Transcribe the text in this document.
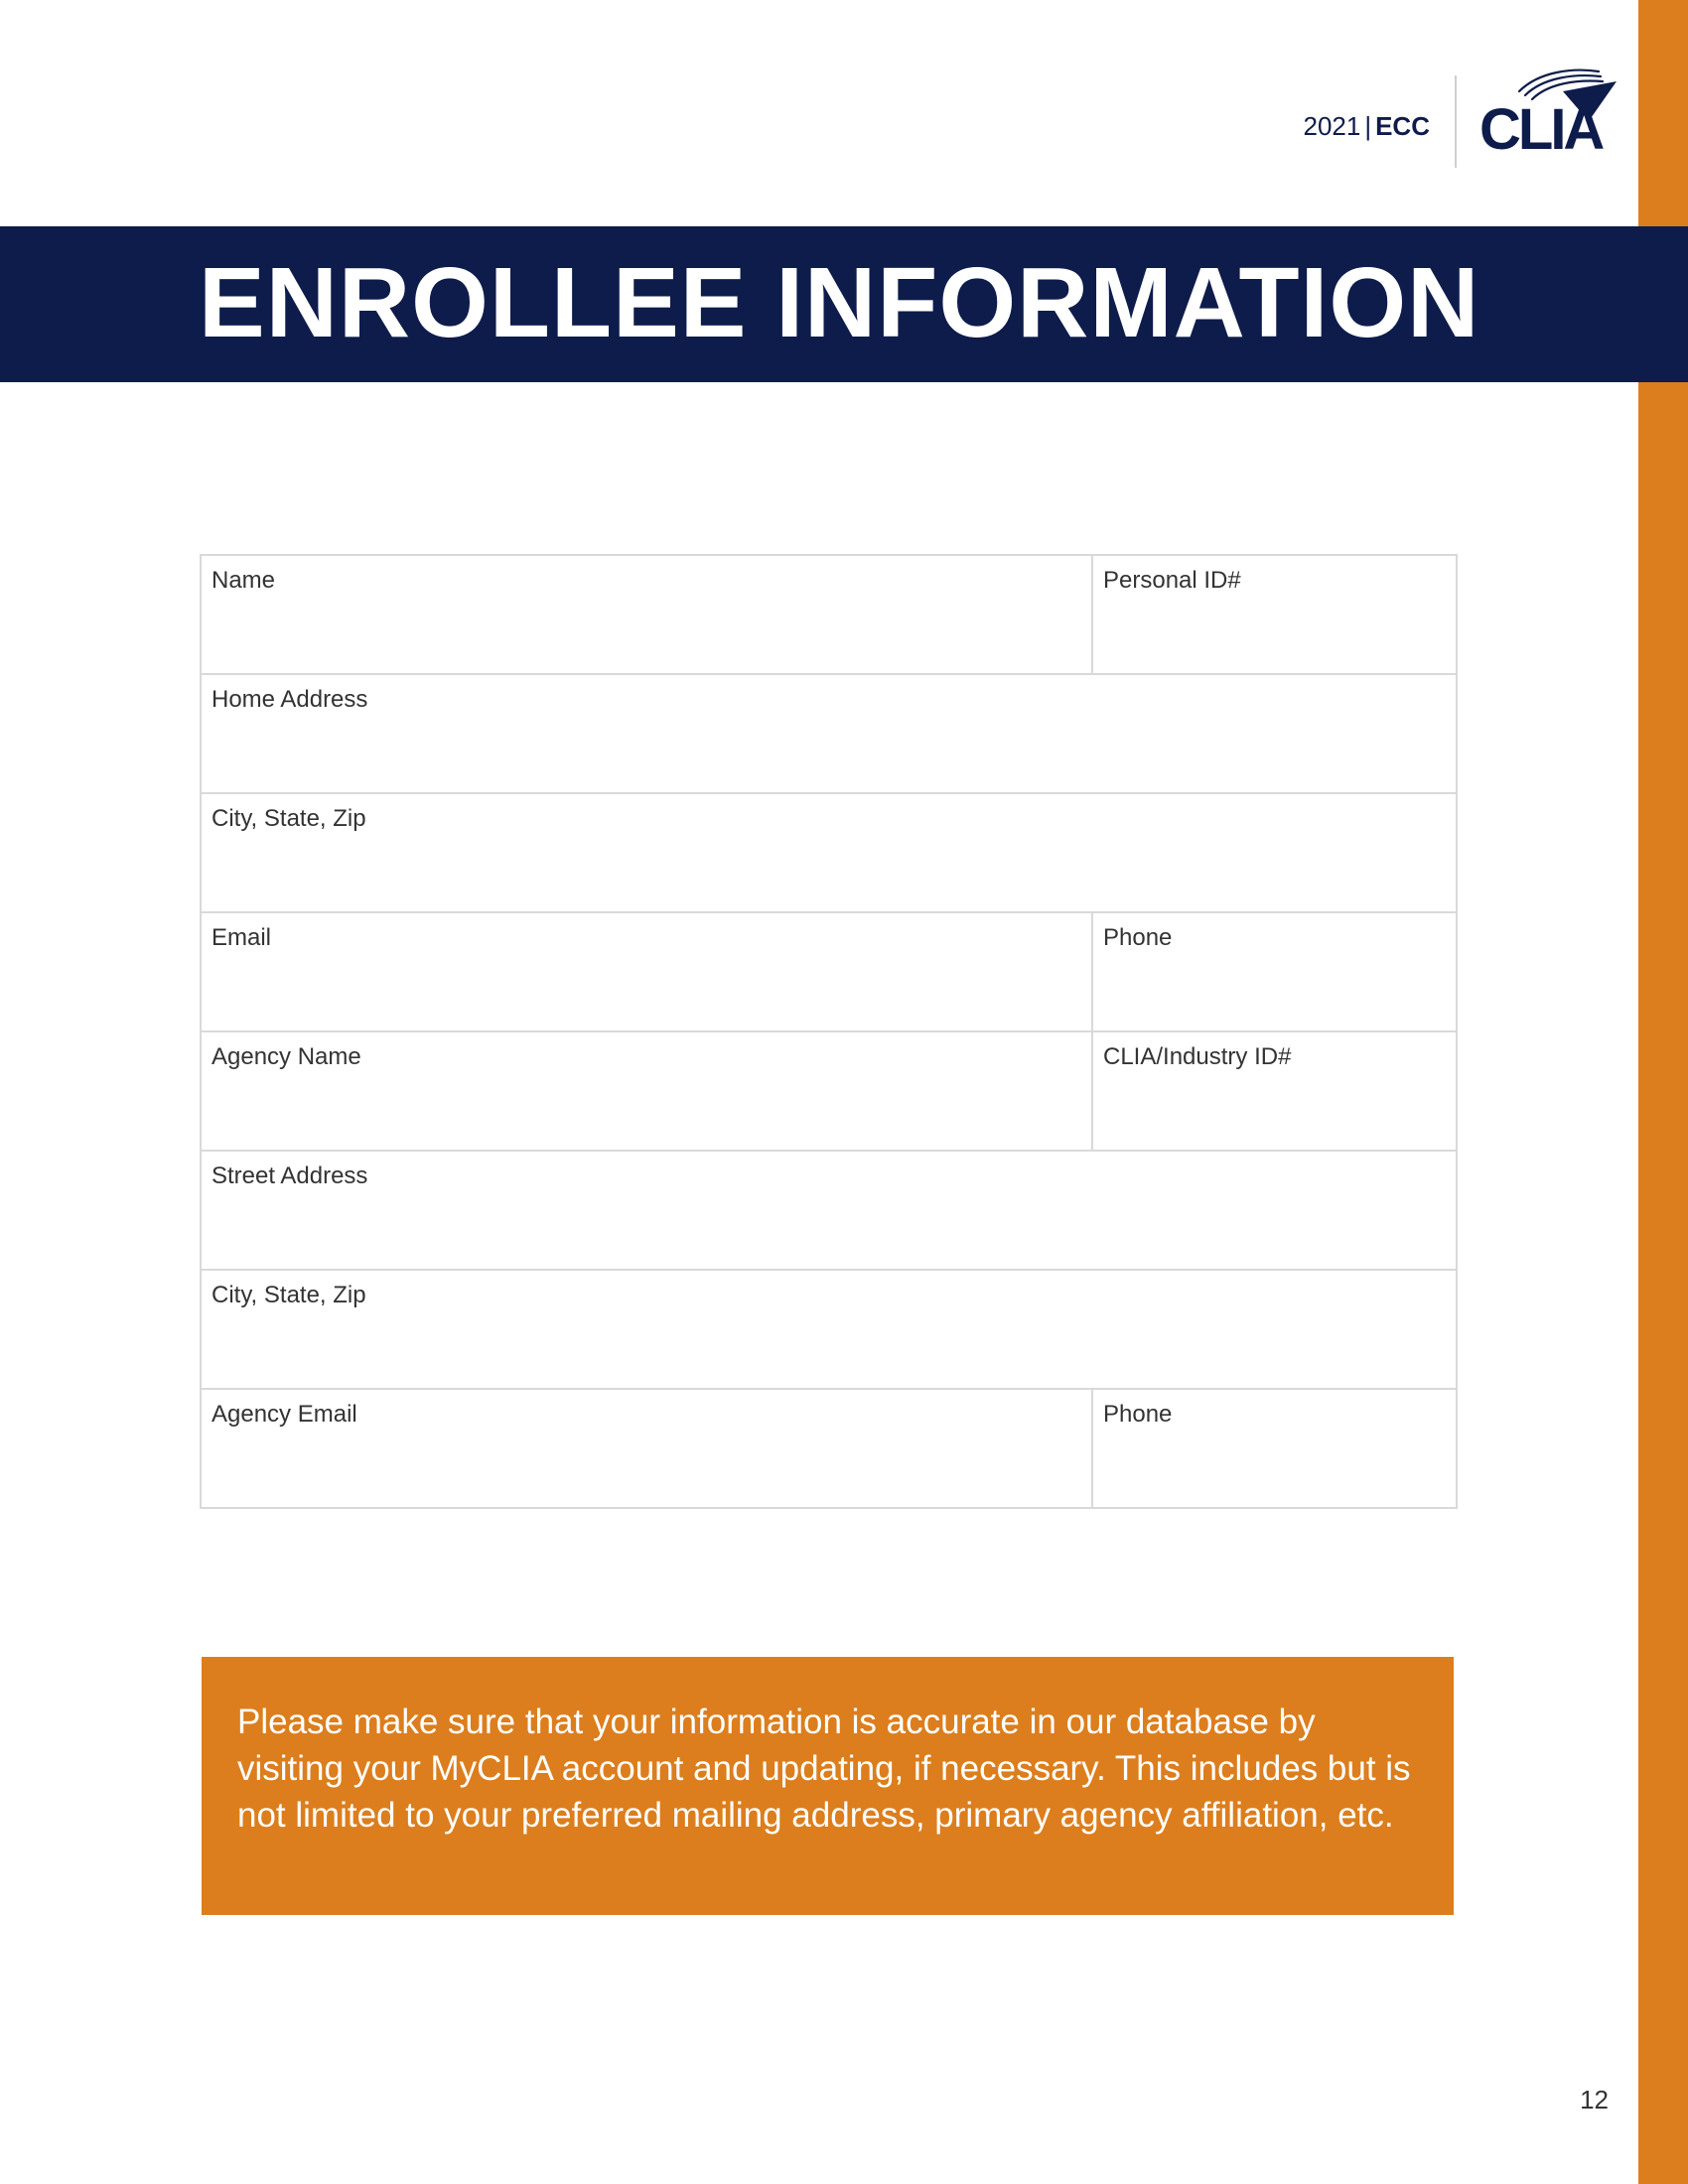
2021 | ECC CLIA
ENROLLEE INFORMATION
Name	Personal ID#
Home Address	
City, State, Zip	
Email	Phone
Agency Name	CLIA/Industry ID#
Street Address	
City, State, Zip	
Agency Email	Phone
Please make sure that your information is accurate in our database by visiting your MyCLIA account and updating, if necessary. This includes but is not limited to your preferred mailing address, primary agency affiliation, etc.
12
